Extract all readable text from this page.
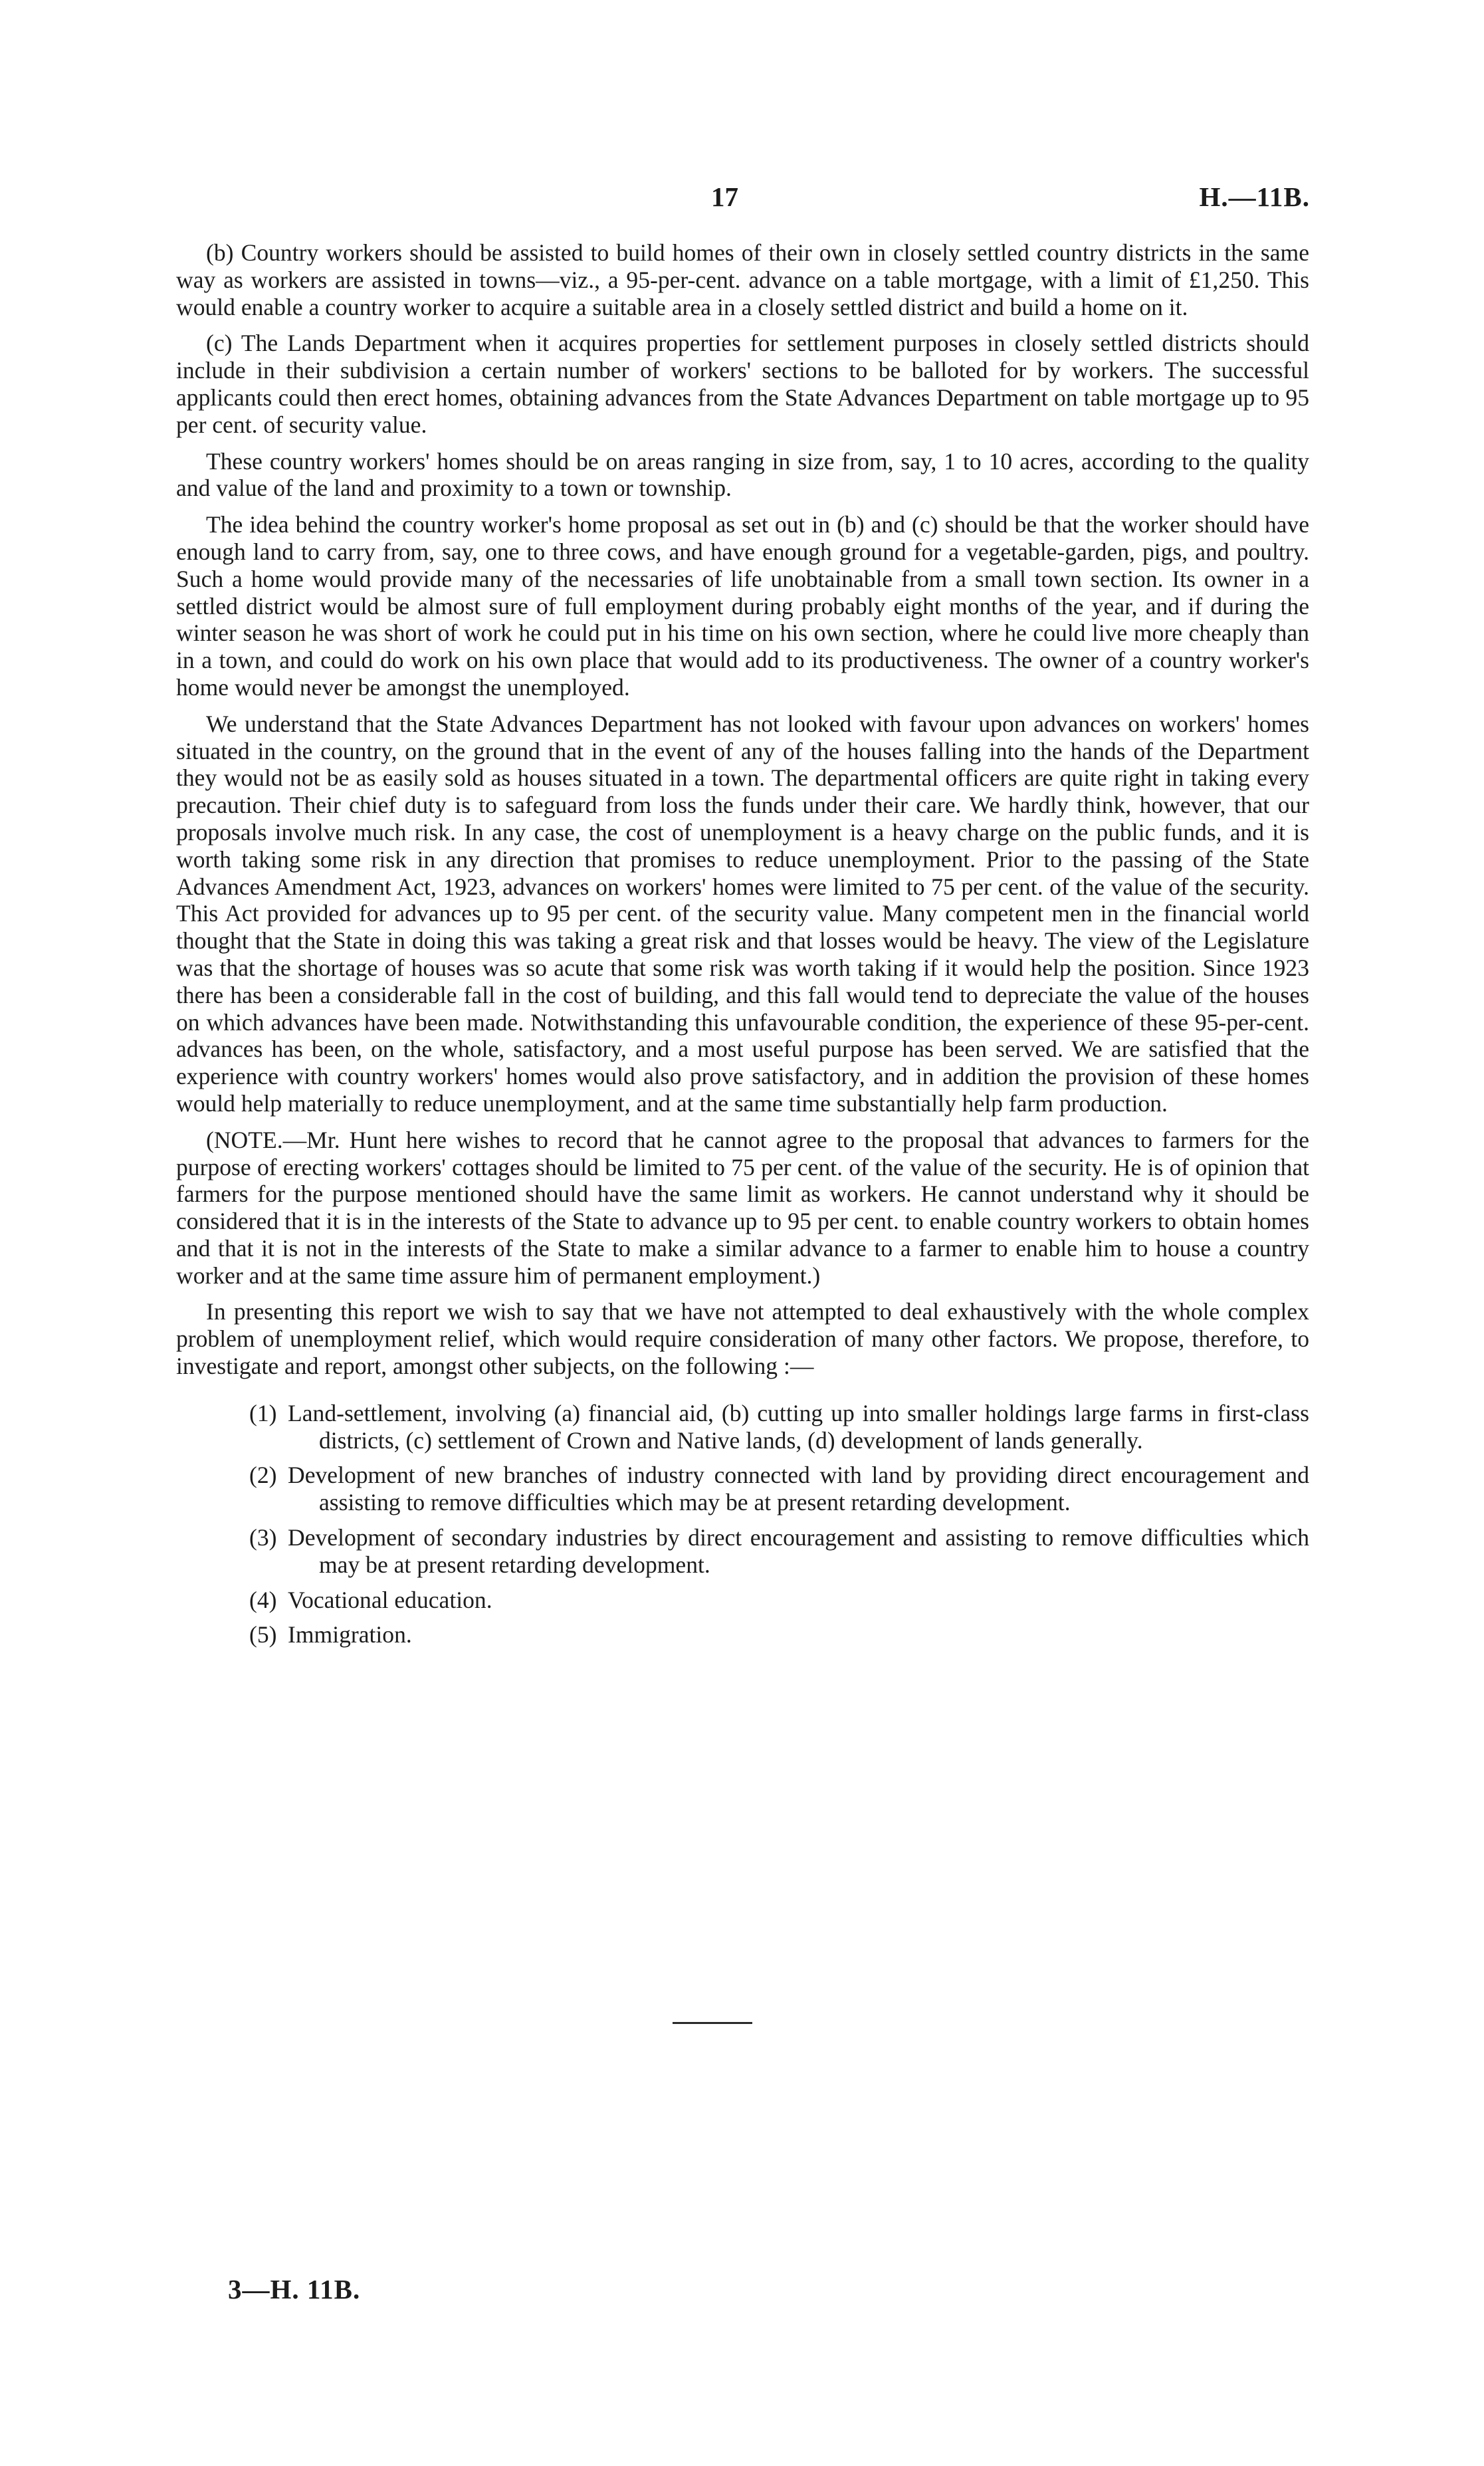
17	H.—11B.

(b) Country workers should be assisted to build homes of their own in closely settled country districts in the same way as workers are assisted in towns—viz., a 95-per-cent. advance on a table mortgage, with a limit of £1,250. This would enable a country worker to acquire a suitable area in a closely settled district and build a home on it.

(c) The Lands Department when it acquires properties for settlement purposes in closely settled districts should include in their subdivision a certain number of workers' sections to be balloted for by workers. The successful applicants could then erect homes, obtaining advances from the State Advances Department on table mortgage up to 95 per cent. of security value.

These country workers' homes should be on areas ranging in size from, say, 1 to 10 acres, according to the quality and value of the land and proximity to a town or township.

The idea behind the country worker's home proposal as set out in (b) and (c) should be that the worker should have enough land to carry from, say, one to three cows, and have enough ground for a vegetable-garden, pigs, and poultry. Such a home would provide many of the necessaries of life unobtainable from a small town section. Its owner in a settled district would be almost sure of full employment during probably eight months of the year, and if during the winter season he was short of work he could put in his time on his own section, where he could live more cheaply than in a town, and could do work on his own place that would add to its productiveness. The owner of a country worker's home would never be amongst the unemployed.

We understand that the State Advances Department has not looked with favour upon advances on workers' homes situated in the country, on the ground that in the event of any of the houses falling into the hands of the Department they would not be as easily sold as houses situated in a town. The departmental officers are quite right in taking every precaution. Their chief duty is to safeguard from loss the funds under their care. We hardly think, however, that our proposals involve much risk. In any case, the cost of unemployment is a heavy charge on the public funds, and it is worth taking some risk in any direction that promises to reduce unemployment. Prior to the passing of the State Advances Amendment Act, 1923, advances on workers' homes were limited to 75 per cent. of the value of the security. This Act provided for advances up to 95 per cent. of the security value. Many competent men in the financial world thought that the State in doing this was taking a great risk and that losses would be heavy. The view of the Legislature was that the shortage of houses was so acute that some risk was worth taking if it would help the position. Since 1923 there has been a considerable fall in the cost of building, and this fall would tend to depreciate the value of the houses on which advances have been made. Notwithstanding this unfavourable condition, the experience of these 95-per-cent. advances has been, on the whole, satisfactory, and a most useful purpose has been served. We are satisfied that the experience with country workers' homes would also prove satisfactory, and in addition the provision of these homes would help materially to reduce unemployment, and at the same time substantially help farm production.

(NOTE.—Mr. Hunt here wishes to record that he cannot agree to the proposal that advances to farmers for the purpose of erecting workers' cottages should be limited to 75 per cent. of the value of the security. He is of opinion that farmers for the purpose mentioned should have the same limit as workers. He cannot understand why it should be considered that it is in the interests of the State to advance up to 95 per cent. to enable country workers to obtain homes and that it is not in the interests of the State to make a similar advance to a farmer to enable him to house a country worker and at the same time assure him of permanent employment.)

In presenting this report we wish to say that we have not attempted to deal exhaustively with the whole complex problem of unemployment relief, which would require consideration of many other factors. We propose, therefore, to investigate and report, amongst other subjects, on the following :—

(1) Land-settlement, involving (a) financial aid, (b) cutting up into smaller holdings large farms in first-class districts, (c) settlement of Crown and Native lands, (d) development of lands generally.
(2) Development of new branches of industry connected with land by providing direct encouragement and assisting to remove difficulties which may be at present retarding development.
(3) Development of secondary industries by direct encouragement and assisting to remove difficulties which may be at present retarding development.
(4) Vocational education.
(5) Immigration.
3—H. 11B.
